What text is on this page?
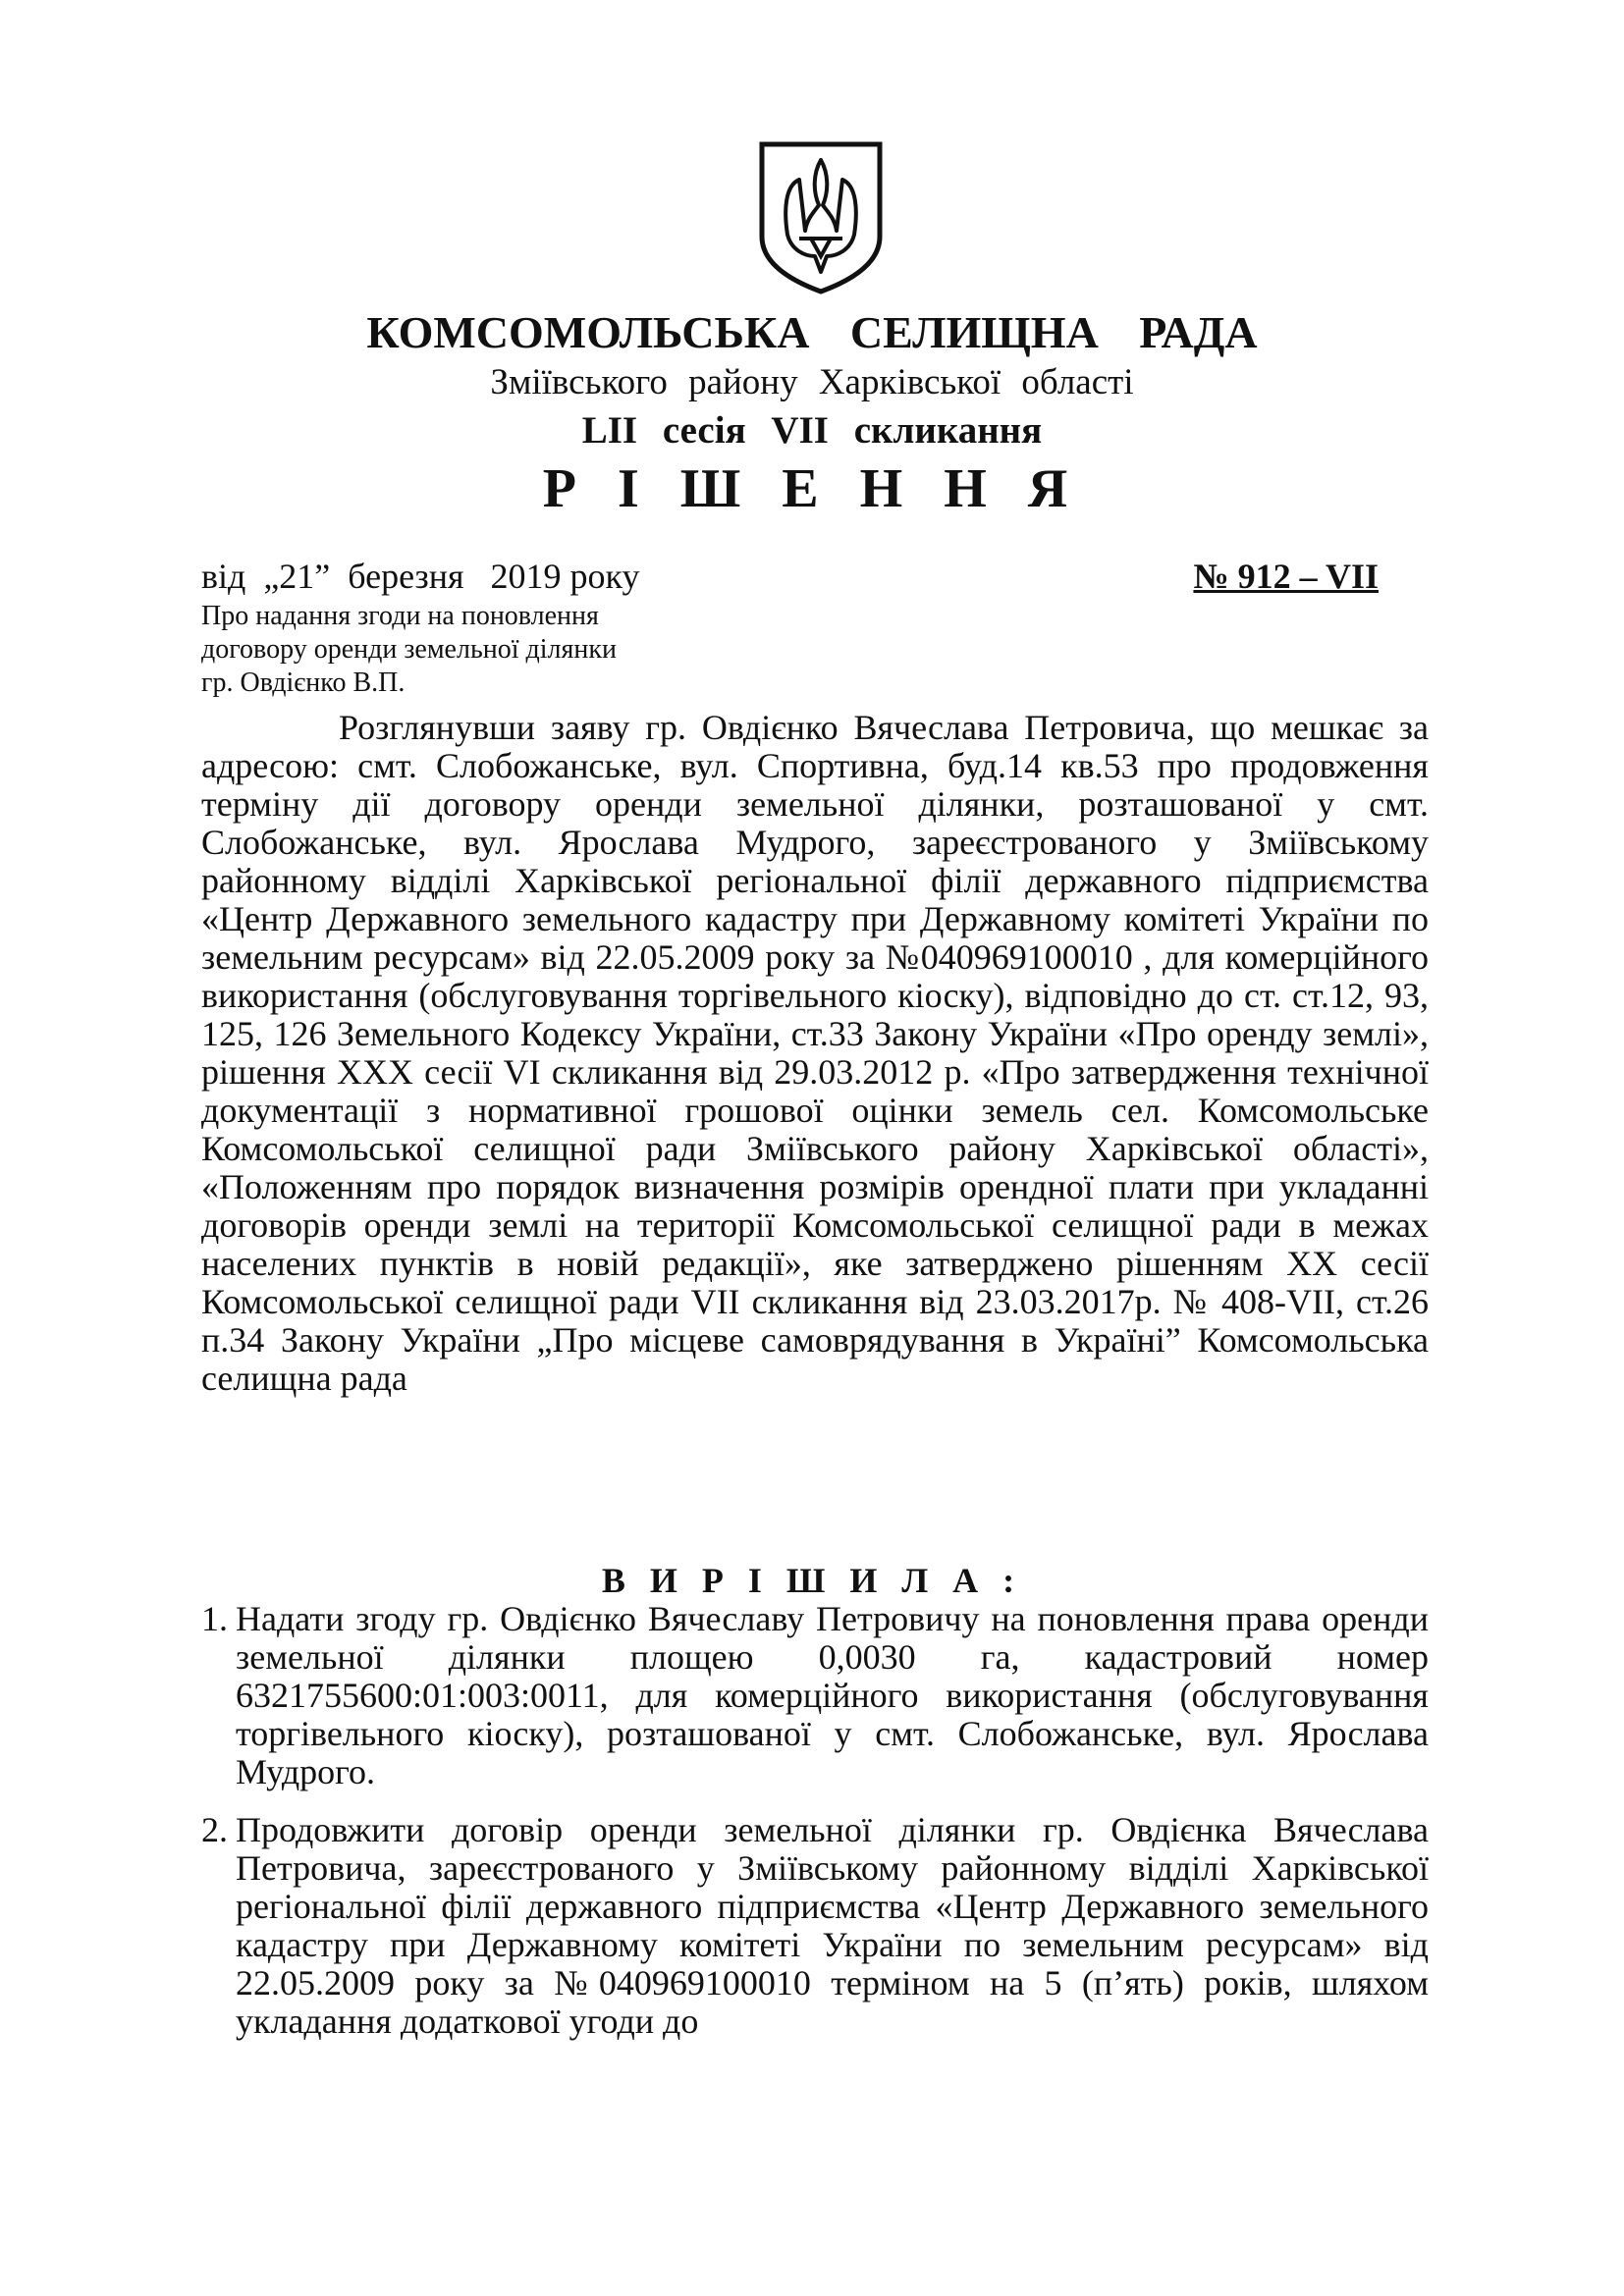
КОМСОМОЛЬСЬКА СЕЛИЩНА РАДА
Зміївського району Харківської області
LII сесія VII скликання
Р І Ш Е Н Н Я
від  „21”  березня   2019 року	№ 912 – VII
Про надання згоди на поновлення
договору оренди земельної ділянки
гр. Овдієнко В.П.
Розглянувши заяву гр. Овдієнко Вячеслава Петровича, що мешкає за адресою: смт. Слобожанське, вул. Спортивна, буд.14 кв.53 про продовження терміну дії договору оренди земельної ділянки, розташованої у смт. Слобожанське, вул. Ярослава Мудрого, зареєстрованого у Зміївському районному відділі Харківської регіональної філії державного підприємства «Центр Державного земельного кадастру при Державному комітеті України по земельним ресурсам» від 22.05.2009 року за №040969100010 , для комерційного використання (обслуговування торгівельного кіоску), відповідно до ст. ст.12, 93, 125, 126 Земельного Кодексу України, ст.33 Закону України «Про оренду землі», рішення ХХХ сесії VI скликання від 29.03.2012 р. «Про затвердження технічної документації з нормативної грошової оцінки земель сел. Комсомольське Комсомольської селищної ради Зміївського району Харківської області», «Положенням про порядок визначення розмірів орендної плати при укладанні договорів оренди землі на території Комсомольської селищної ради в межах населених пунктів в новій редакції», яке затверджено рішенням ХХ сесії Комсомольської селищної ради VII скликання від 23.03.2017р. № 408-VII, ст.26 п.34 Закону України „Про місцеве самоврядування в Україні” Комсомольська селищна рада
В И Р І Ш И Л А :
1. Надати згоду гр. Овдієнко Вячеславу Петровичу на поновлення права оренди земельної ділянки площею 0,0030 га, кадастровий номер 6321755600:01:003:0011, для комерційного використання (обслуговування торгівельного кіоску), розташованої у смт. Слобожанське, вул. Ярослава Мудрого.
2. Продовжити договір оренди земельної ділянки гр. Овдієнка Вячеслава Петровича, зареєстрованого у Зміївському районному відділі Харківської регіональної філії державного підприємства «Центр Державного земельного кадастру при Державному комітеті України по земельним ресурсам» від 22.05.2009 року за №040969100010 терміном на 5 (п’ять) років, шляхом укладання додаткової угоди до
